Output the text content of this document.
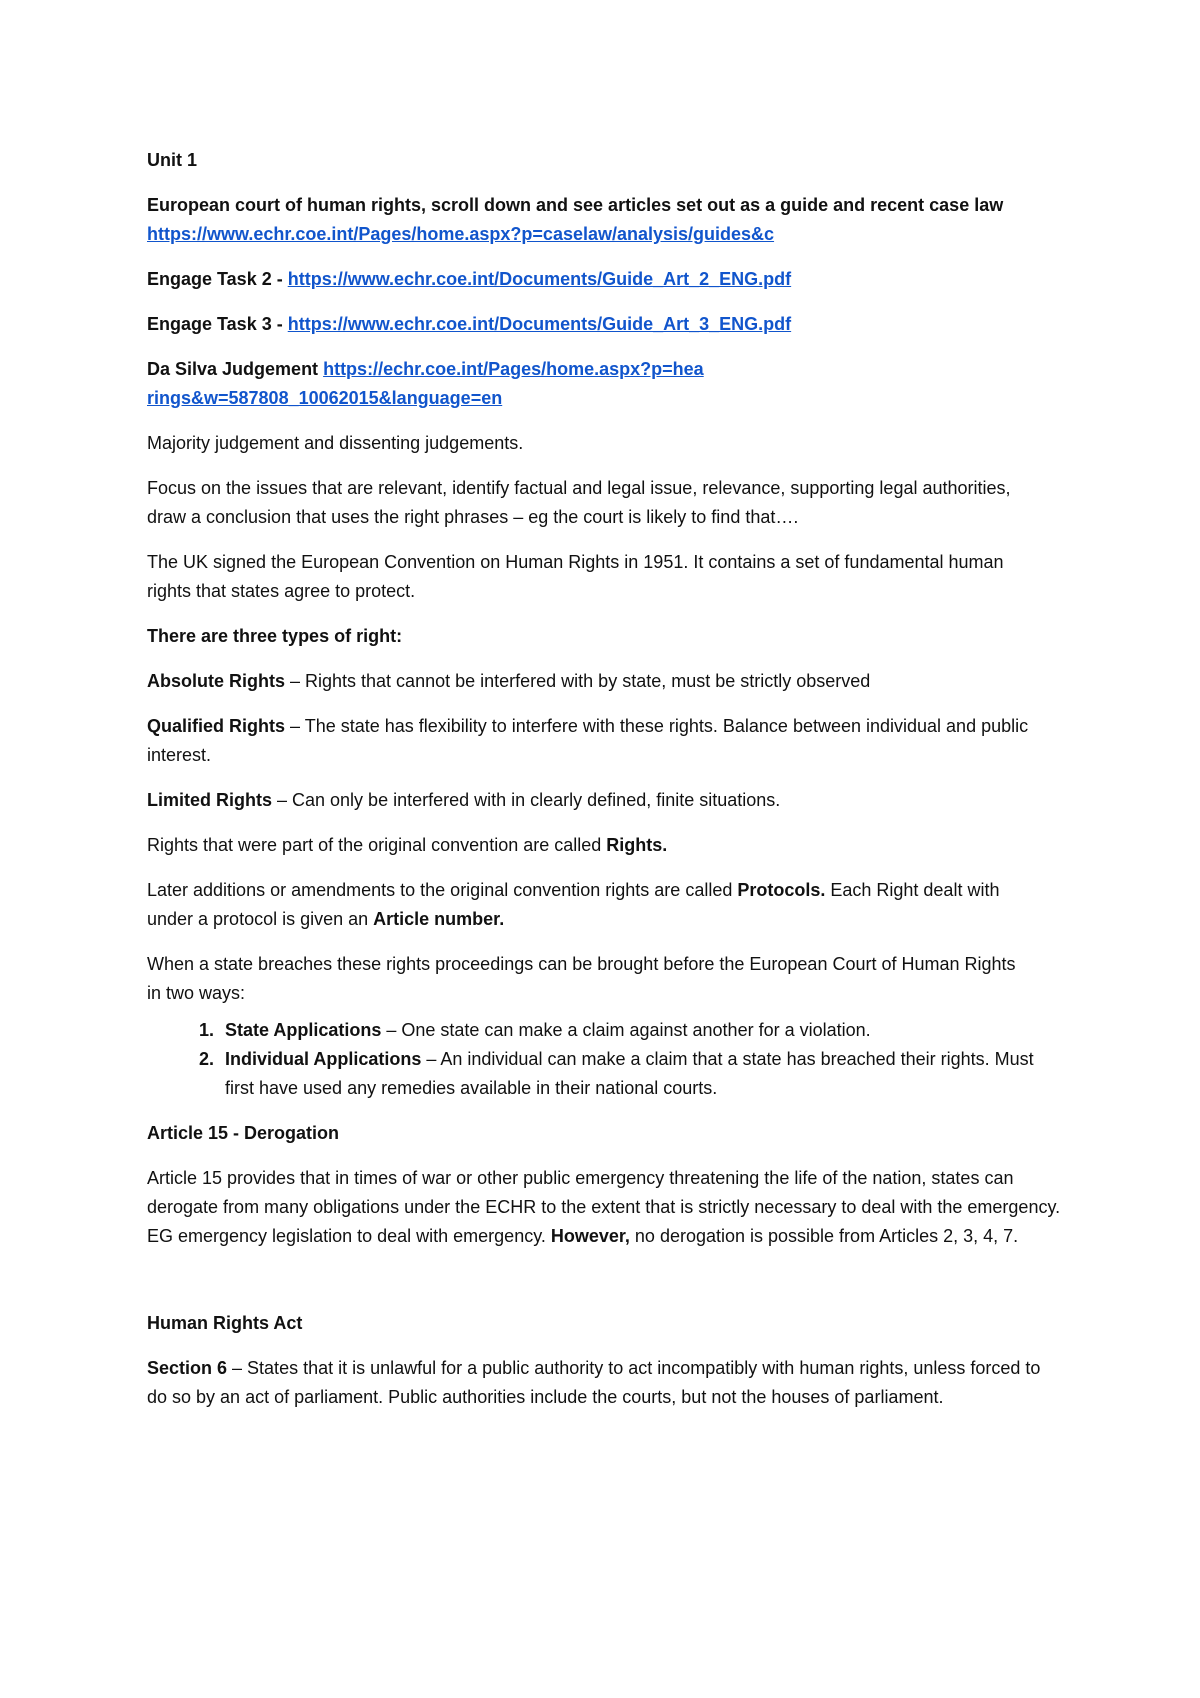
Unit 1

European court of human rights, scroll down and see articles set out as a guide and recent case law
https://www.echr.coe.int/Pages/home.aspx?p=caselaw/analysis/guides&c

Engage Task 2 - https://www.echr.coe.int/Documents/Guide_Art_2_ENG.pdf

Engage Task 3 - https://www.echr.coe.int/Documents/Guide_Art_3_ENG.pdf

Da Silva Judgement https://echr.coe.int/Pages/home.aspx?p=hearings&w=587808_10062015&language=en

Majority judgement and dissenting judgements.

Focus on the issues that are relevant, identify factual and legal issue, relevance, supporting legal authorities, draw a conclusion that uses the right phrases – eg the court is likely to find that….

The UK signed the European Convention on Human Rights in 1951. It contains a set of fundamental human rights that states agree to protect.

There are three types of right:

Absolute Rights – Rights that cannot be interfered with by state, must be strictly observed

Qualified Rights – The state has flexibility to interfere with these rights. Balance between individual and public interest.

Limited Rights – Can only be interfered with in clearly defined, finite situations.

Rights that were part of the original convention are called Rights.

Later additions or amendments to the original convention rights are called Protocols. Each Right dealt with under a protocol is given an Article number.

When a state breaches these rights proceedings can be brought before the European Court of Human Rights in two ways:

1. State Applications – One state can make a claim against another for a violation.
2. Individual Applications – An individual can make a claim that a state has breached their rights. Must first have used any remedies available in their national courts.

Article 15 - Derogation

Article 15 provides that in times of war or other public emergency threatening the life of the nation, states can derogate from many obligations under the ECHR to the extent that is strictly necessary to deal with the emergency. EG emergency legislation to deal with emergency. However, no derogation is possible from Articles 2, 3, 4, 7.

Human Rights Act

Section 6 – States that it is unlawful for a public authority to act incompatibly with human rights, unless forced to do so by an act of parliament. Public authorities include the courts, but not the houses of parliament.
